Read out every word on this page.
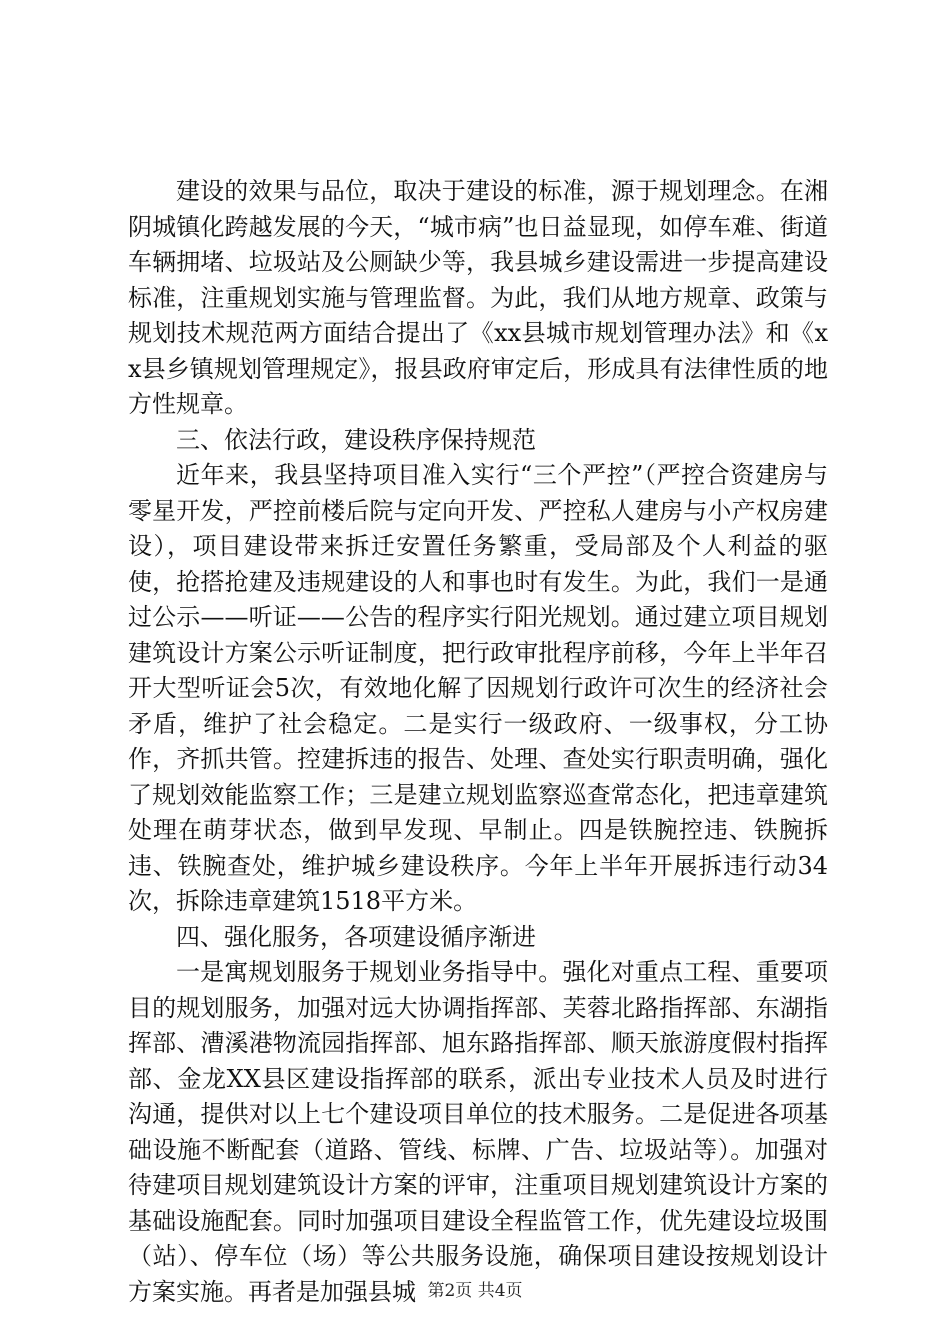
建设的效果与品位，取决于建设的标准，源于规划理念。在湘阴城镇化跨越发展的今天，“城市病”也日益显现，如停车难、街道车辆拥堵、垃圾站及公厕缺少等，我县城乡建设需进一步提高建设标准，注重规划实施与管理监督。为此，我们从地方规章、政策与规划技术规范两方面结合提出了《xx县城市规划管理办法》和《xx县乡镇规划管理规定》，报县政府审定后，形成具有法律性质的地方性规章。

三、依法行政，建设秩序保持规范

近年来，我县坚持项目准入实行“三个严控”（严控合资建房与零星开发，严控前楼后院与定向开发、严控私人建房与小产权房建设），项目建设带来拆迁安置任务繁重，受局部及个人利益的驱使，抢搭抢建及违规建设的人和事也时有发生。为此，我们一是通过公示——听证——公告的程序实行阳光规划。通过建立项目规划建筑设计方案公示听证制度，把行政审批程序前移，今年上半年召开大型听证会5次，有效地化解了因规划行政许可次生的经济社会矛盾，维护了社会稳定。二是实行一级政府、一级事权，分工协作，齐抓共管。控建拆违的报告、处理、查处实行职责明确，强化了规划效能监察工作；三是建立规划监察巡查常态化，把违章建筑处理在萌芽状态，做到早发现、早制止。四是铁腕控违、铁腕拆违、铁腕查处，维护城乡建设秩序。今年上半年开展拆违行动34次，拆除违章建筑1518平方米。

四、强化服务，各项建设循序渐进

一是寓规划服务于规划业务指导中。强化对重点工程、重要项目的规划服务，加强对远大协调指挥部、芙蓉北路指挥部、东湖指挥部、漕溪港物流园指挥部、旭东路指挥部、顺天旅游度假村指挥部、金龙XX县区建设指挥部的联系，派出专业技术人员及时进行沟通，提供对以上七个建设项目单位的技术服务。二是促进各项基础设施不断配套（道路、管线、标牌、广告、垃圾站等）。加强对待建项目规划建筑设计方案的评审，注重项目规划建筑设计方案的基础设施配套。同时加强项目建设全程监管工作，优先建设垃圾围（站）、停车位（场）等公共服务设施，确保项目建设按规划设计方案实施。再者是加强县城 第2页 共4页
